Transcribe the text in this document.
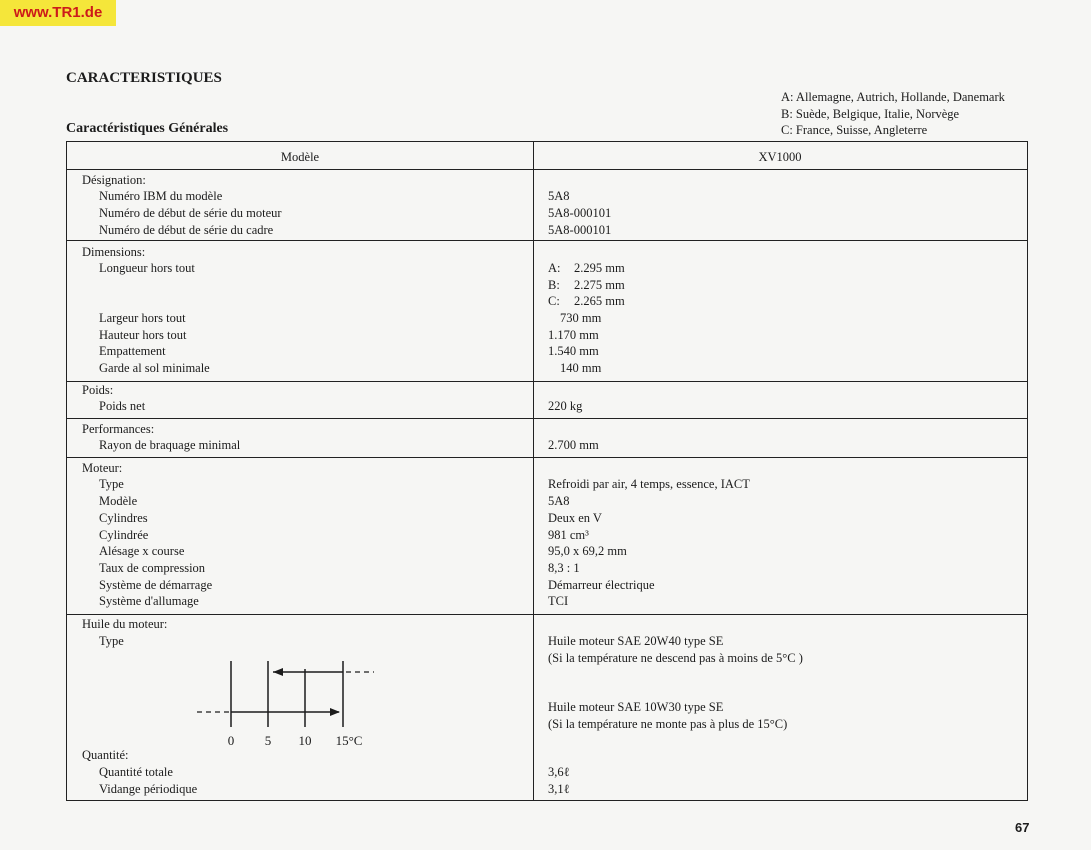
www.TR1.de
CARACTERISTIQUES
Caractéristiques Générales
A: Allemagne, Autrich, Hollande, Danemark
B: Suède, Belgique, Italie, Norvège
C: France, Suisse, Angleterre
Modèle	XV1000
Désignation:
Numéro IBM du modèle	5A8
Numéro de début de série du moteur	5A8-000101
Numéro de début de série du cadre	5A8-000101
Dimensions:
Longueur hors tout	A: 2.295 mm
B: 2.275 mm
C: 2.265 mm
Largeur hors tout	730 mm
Hauteur hors tout	1.170 mm
Empattement	1.540 mm
Garde al sol minimale	140 mm
Poids:
Poids net	220 kg
Performances:
Rayon de braquage minimal	2.700 mm
Moteur:
Type	Refroidi par air, 4 temps, essence, IACT
Modèle	5A8
Cylindres	Deux en V
Cylindrée	981 cm³
Alésage x course	95,0 x 69,2 mm
Taux de compression	8,3 : 1
Système de démarrage	Démarreur électrique
Système d'allumage	TCI
Huile du moteur:
Type	Huile moteur SAE 20W40 type SE
(Si la température ne descend pas à moins de 5°C )
Huile moteur SAE 10W30 type SE
(Si la température ne monte pas à plus de 15°C)
0 5 10 15°C
Quantité:
Quantité totale	3,6ℓ
Vidange périodique	3,1ℓ
67
